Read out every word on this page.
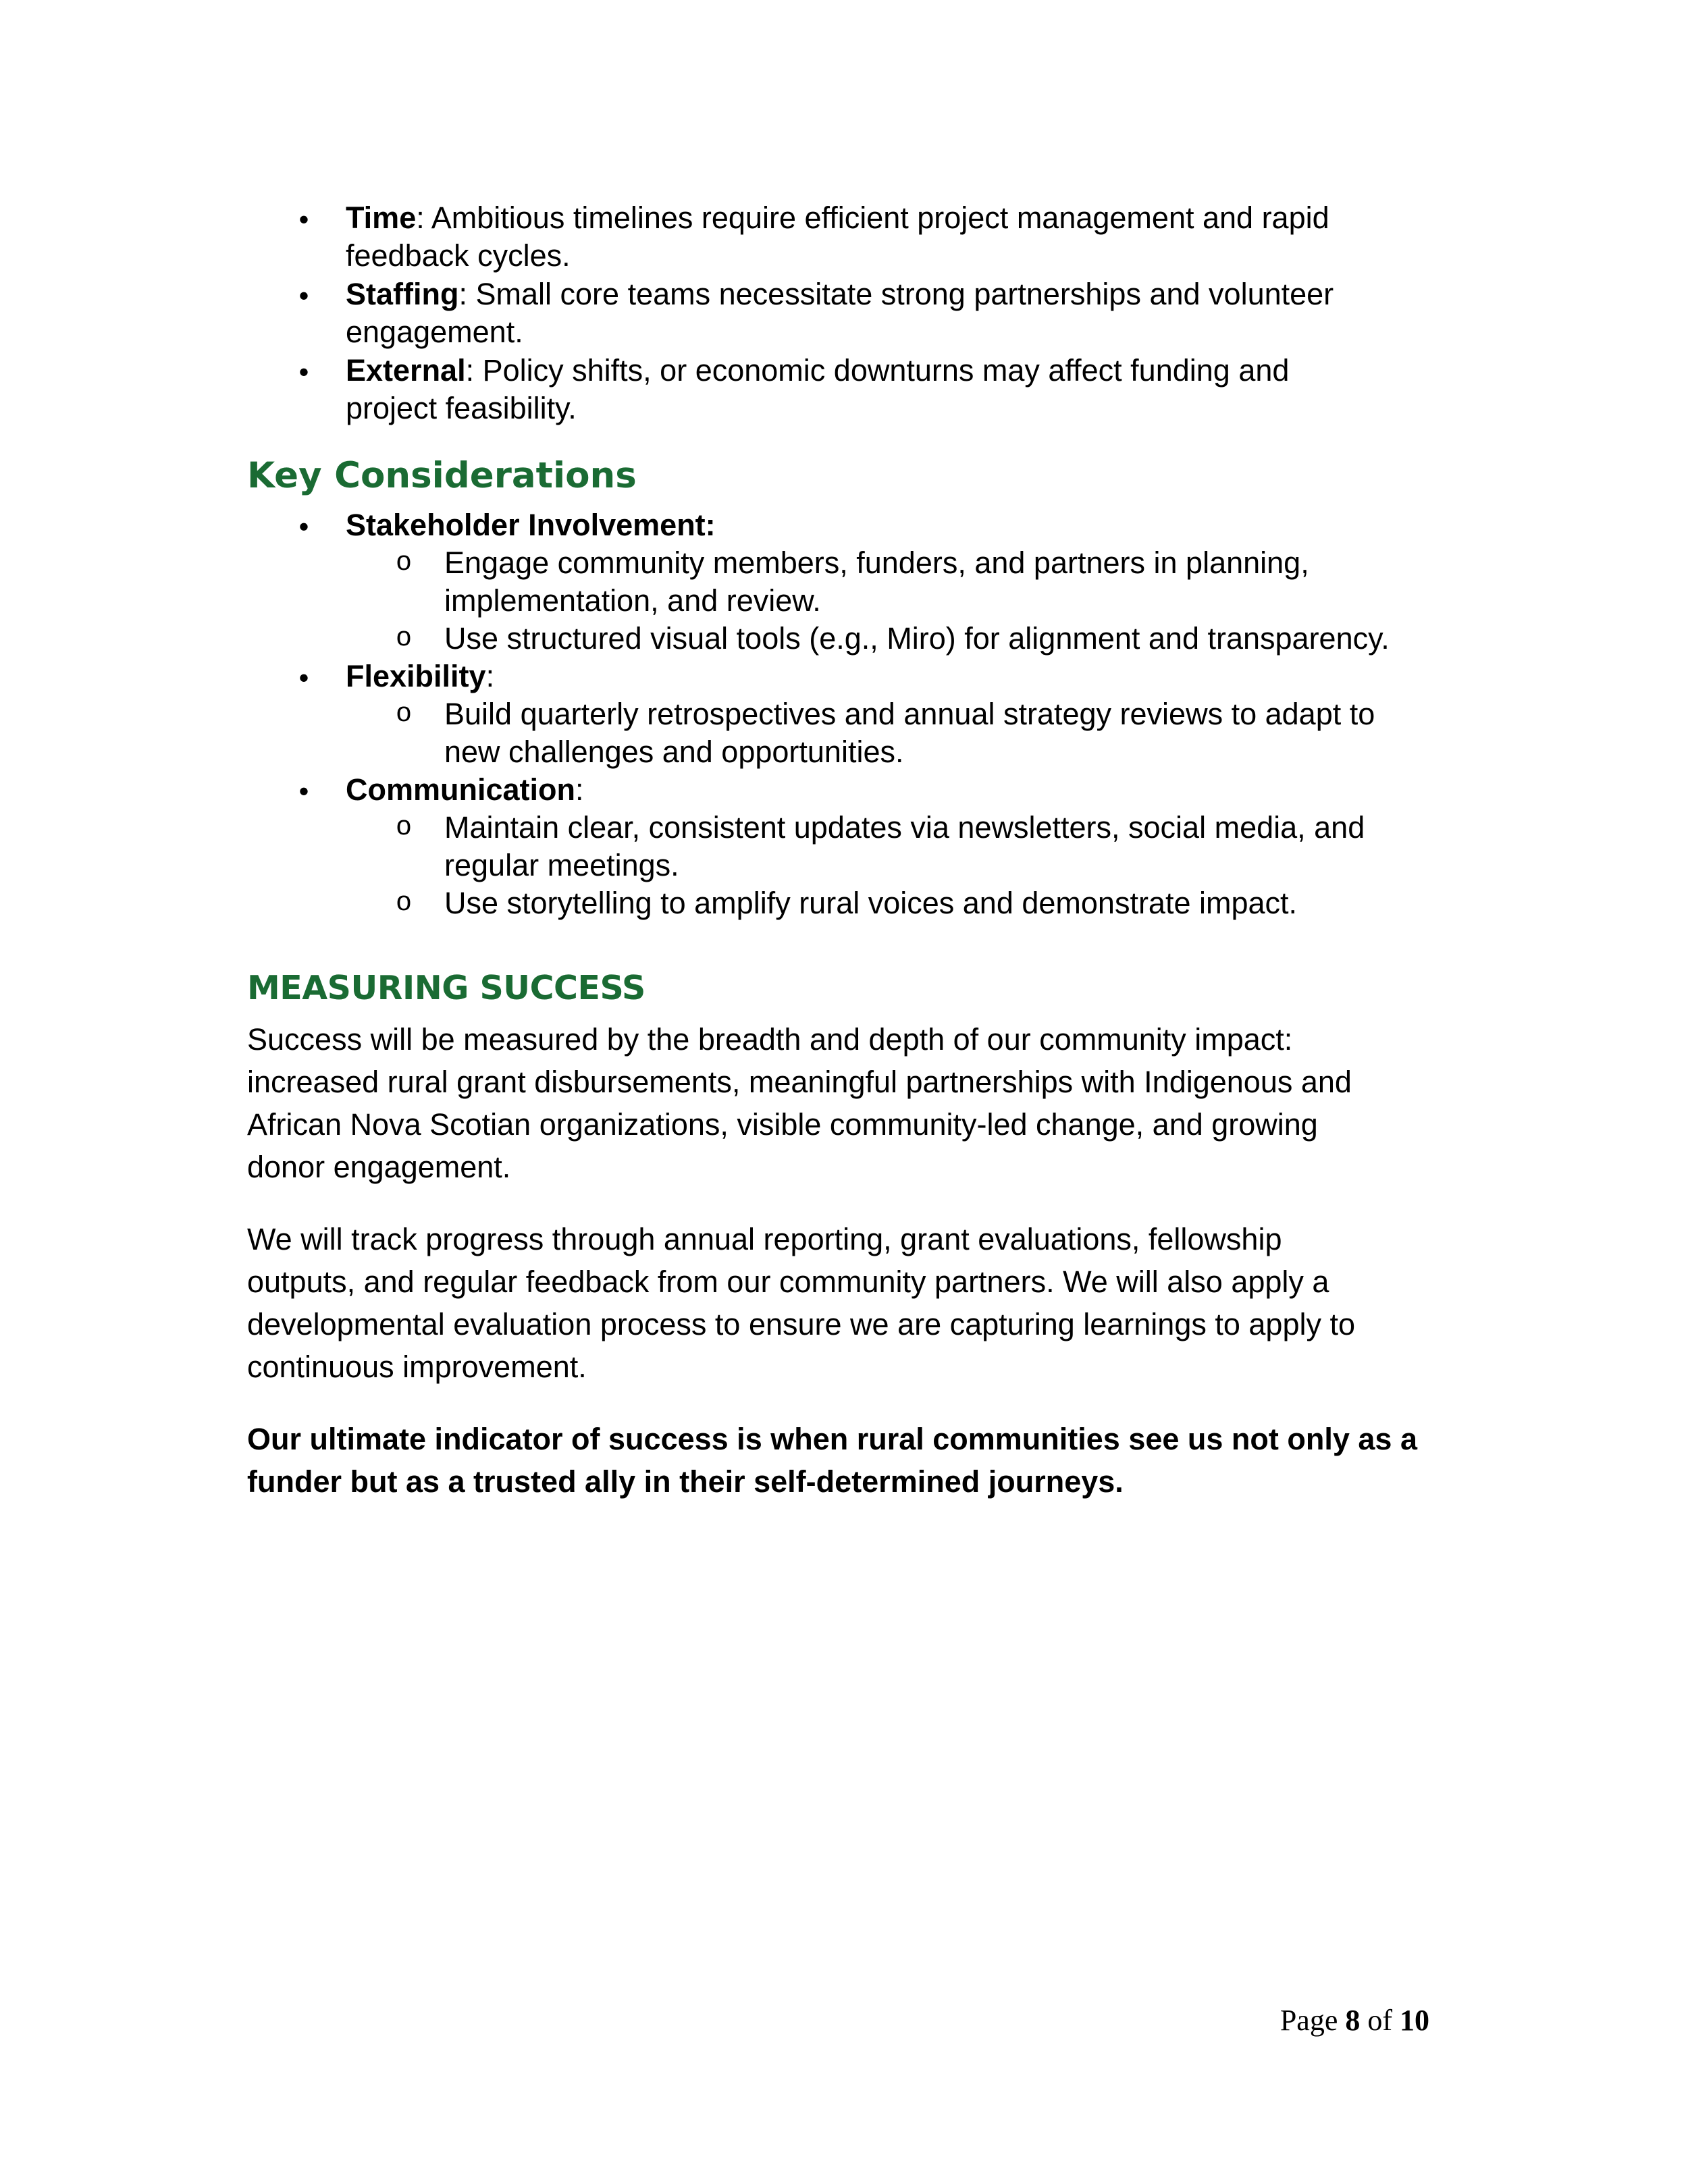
• Time: Ambitious timelines require efficient project management and rapid
feedback cycles.
• Staffing: Small core teams necessitate strong partnerships and volunteer
engagement.
• External: Policy shifts, or economic downturns may affect funding and
project feasibility.
Key Considerations
• Stakeholder Involvement:
o Engage community members, funders, and partners in planning,
implementation, and review.
o Use structured visual tools (e.g., Miro) for alignment and transparency.
• Flexibility:
o Build quarterly retrospectives and annual strategy reviews to adapt to
new challenges and opportunities.
• Communication:
o Maintain clear, consistent updates via newsletters, social media, and
regular meetings.
o Use storytelling to amplify rural voices and demonstrate impact.
MEASURING SUCCESS
Success will be measured by the breadth and depth of our community impact:
increased rural grant disbursements, meaningful partnerships with Indigenous and
African Nova Scotian organizations, visible community-led change, and growing
donor engagement.
We will track progress through annual reporting, grant evaluations, fellowship
outputs, and regular feedback from our community partners. We will also apply a
developmental evaluation process to ensure we are capturing learnings to apply to
continuous improvement.
Our ultimate indicator of success is when rural communities see us not only as a
funder but as a trusted ally in their self-determined journeys.
Page 8 of 10
